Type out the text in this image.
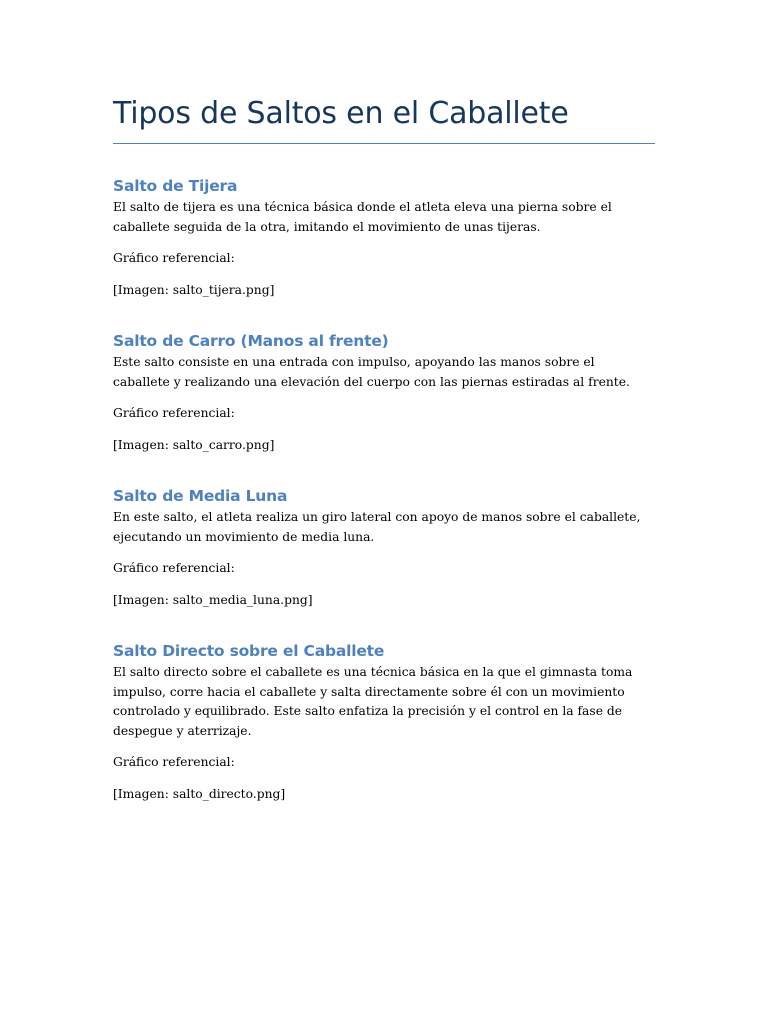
Tipos de Saltos en el Caballete
Salto de Tijera

El salto de tijera es una técnica básica donde el atleta eleva una pierna sobre el caballete seguida de la otra, imitando el movimiento de unas tijeras.

Gráfico referencial:

[Imagen: salto_tijera.png]

Salto de Carro (Manos al frente)

Este salto consiste en una entrada con impulso, apoyando las manos sobre el caballete y realizando una elevación del cuerpo con las piernas estiradas al frente.

Gráfico referencial:

[Imagen: salto_carro.png]

Salto de Media Luna

En este salto, el atleta realiza un giro lateral con apoyo de manos sobre el caballete, ejecutando un movimiento de media luna.

Gráfico referencial:

[Imagen: salto_media_luna.png]

Salto Directo sobre el Caballete

El salto directo sobre el caballete es una técnica básica en la que el gimnasta toma impulso, corre hacia el caballete y salta directamente sobre él con un movimiento controlado y equilibrado. Este salto enfatiza la precisión y el control en la fase de despegue y aterrizaje.

Gráfico referencial:

[Imagen: salto_directo.png]
